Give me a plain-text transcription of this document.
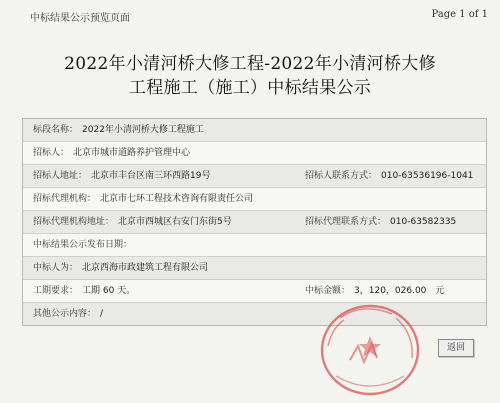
中标结果公示预览页面	Page 1 of 1
2022年小清河桥大修工程-2022年小清河桥大修
工程施工（施工）中标结果公示
标段名称： 2022年小清河桥大修工程施工
招标人： 北京市城市道路养护管理中心
招标人地址： 北京市丰台区南三环西路19号	招标人联系方式： 010-63536196-1041
招标代理机构： 北京市七环工程技术咨询有限责任公司
招标代理机构地址： 北京市西城区右安门东街5号	招标代理联系方式： 010-63582335
中标结果公示发布日期：
中标人为： 北京西海市政建筑工程有限公司
工期要求： 工期 60 天。	中标金额： 3，120，026.00　元
其他公示内容： /
返回
